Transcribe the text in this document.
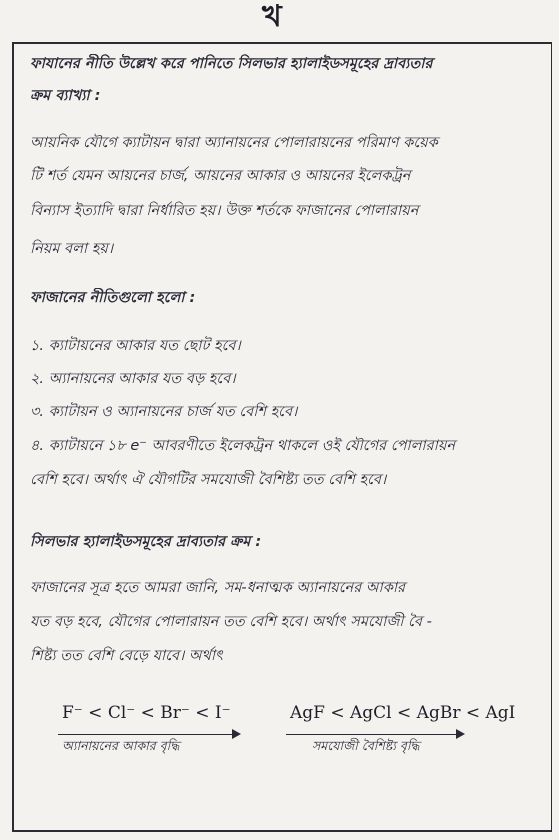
খ
ফাযানের নীতি উল্লেখ করে পানিতে সিলভার হ্যালাইডসমূহের দ্রাব্যতার
ক্রম ব্যাখ্যা :
আয়নিক যৌগে ক্যাটায়ন দ্বারা অ্যানায়নের পোলারায়নের পরিমাণ কয়েক
টি শর্ত যেমন আয়নের চার্জ, আয়নের আকার ও আয়নের ইলেকট্রন
বিন্যাস ইত্যাদি দ্বারা নির্ধারিত হয়। উক্ত শর্তকে ফাজানের পোলারায়ন
নিয়ম বলা হয়।
ফাজানের নীতিগুলো হলো :
১. ক্যাটায়নের আকার যত ছোট হবে।
২. অ্যানায়নের আকার যত বড় হবে।
৩. ক্যাটায়ন ও অ্যানায়নের চার্জ যত বেশি হবে।
৪. ক্যাটায়নে ১৮ e⁻ আবরণীতে ইলেকট্রন থাকলে ওই যৌগের পোলারায়ন
বেশি হবে। অর্থাৎ ঐ যৌগটির সমযোজী বৈশিষ্ট্য তত বেশি হবে।
সিলভার হ্যালাইডসমূহের দ্রাব্যতার ক্রম :
ফাজানের সূত্র হতে আমরা জানি, সম-ধনাত্মক অ্যানায়নের আকার
যত বড় হবে, যৌগের পোলারায়ন তত বেশি হবে। অর্থাৎ সমযোজী বৈ -
শিষ্ট্য তত বেশি বেড়ে যাবে। অর্থাৎ
F⁻ < Cl⁻ < Br⁻ < I⁻
অ্যানায়নের আকার বৃদ্ধি
AgF < AgCl < AgBr < AgI
সমযোজী বৈশিষ্ট্য বৃদ্ধি
